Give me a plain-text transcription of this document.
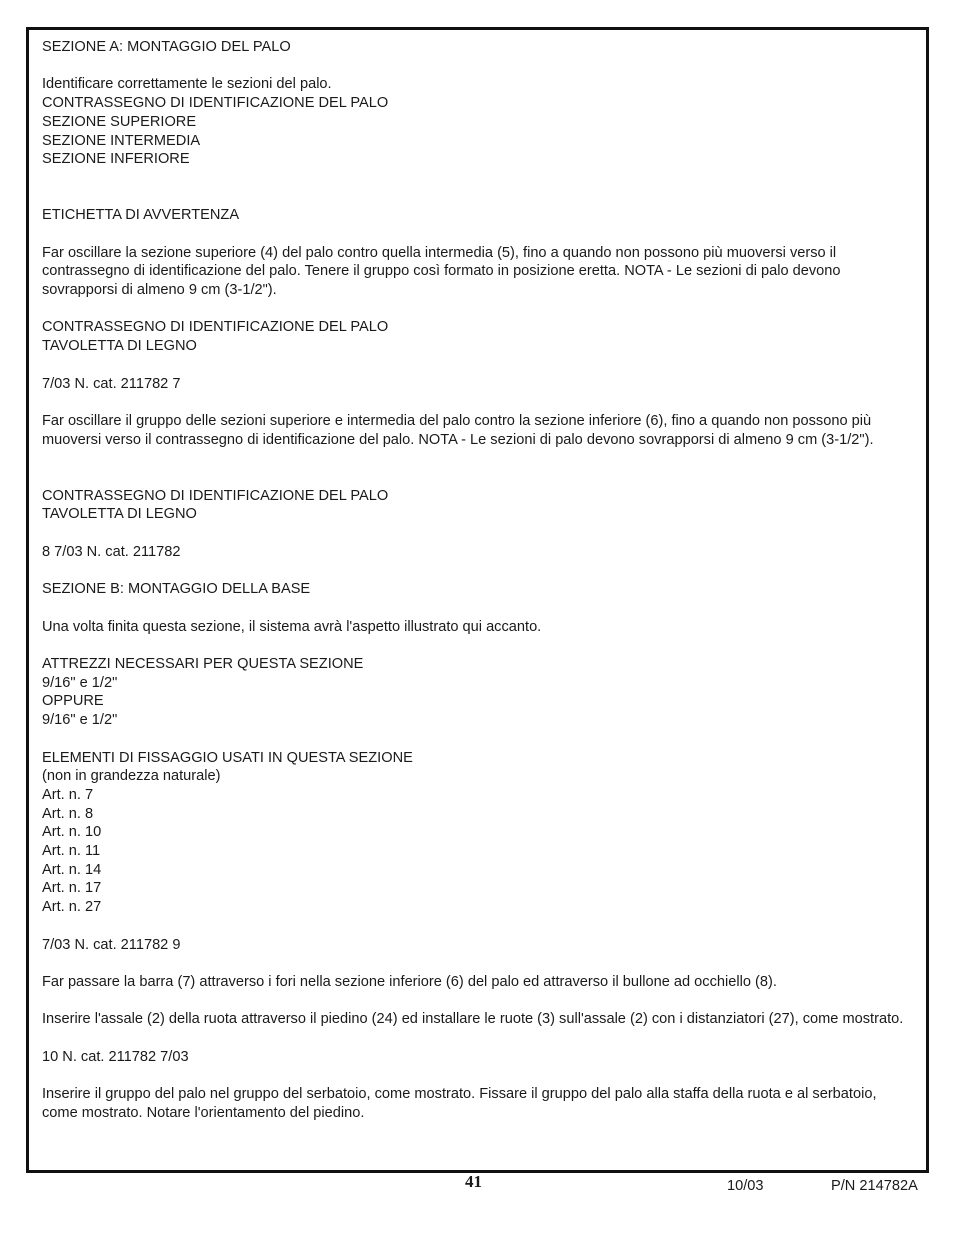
SEZIONE A: MONTAGGIO DEL PALO

Identificare correttamente le sezioni del palo.

CONTRASSEGNO DI IDENTIFICAZIONE DEL PALO

SEZIONE SUPERIORE

SEZIONE INTERMEDIA

SEZIONE INFERIORE

ETICHETTA DI AVVERTENZA

Far oscillare la sezione superiore (4) del palo contro quella intermedia (5), fino a quando non possono più muoversi verso il contrassegno di identificazione del palo. Tenere il gruppo così formato in posizione eretta. NOTA - Le sezioni di palo devono sovrapporsi di almeno 9 cm (3-1/2").

CONTRASSEGNO DI IDENTIFICAZIONE DEL PALO

TAVOLETTA DI LEGNO

7/03 N. cat. 211782 7

Far oscillare il gruppo delle sezioni superiore e intermedia del palo contro la sezione inferiore (6), fino a quando non possono più muoversi verso il contrassegno di identificazione del palo. NOTA - Le sezioni di palo devono sovrapporsi di almeno 9 cm (3-1/2").

CONTRASSEGNO DI IDENTIFICAZIONE DEL PALO

TAVOLETTA DI LEGNO

8 7/03 N. cat. 211782

SEZIONE B: MONTAGGIO DELLA BASE

Una volta finita questa sezione, il sistema avrà l'aspetto illustrato qui accanto.

ATTREZZI NECESSARI PER QUESTA SEZIONE

9/16" e 1/2"

OPPURE

9/16" e 1/2"

ELEMENTI DI FISSAGGIO USATI IN QUESTA SEZIONE

(non in grandezza naturale)

Art. n. 7

Art. n. 8

Art. n. 10

Art. n. 11

Art. n. 14

Art. n. 17

Art. n. 27

7/03 N. cat. 211782 9

Far passare la barra (7) attraverso i fori nella sezione inferiore (6) del palo ed attraverso il bullone ad occhiello (8).

Inserire l'assale (2) della ruota attraverso il piedino (24) ed installare le ruote (3) sull'assale (2) con i distanziatori (27), come mostrato.

10 N. cat. 211782 7/03

Inserire il gruppo del palo nel gruppo del serbatoio, come mostrato. Fissare il gruppo del palo alla staffa della ruota e al serbatoio, come mostrato. Notare l'orientamento del piedino.

41	10/03	P/N 214782A
